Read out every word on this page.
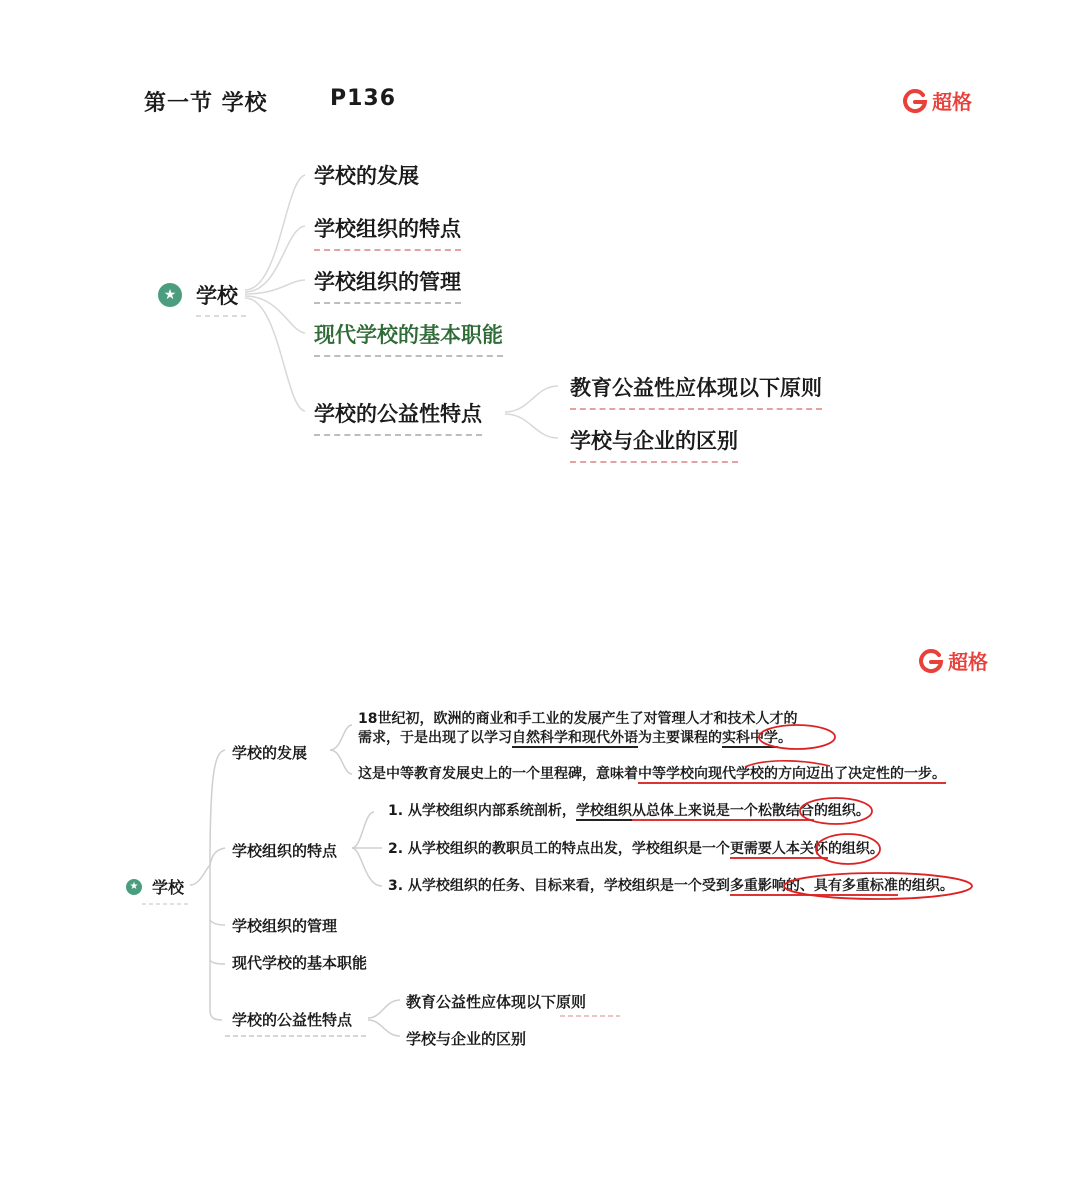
第一节 学校	P136	超格
★ 学校
学校的发展
学校组织的特点
学校组织的管理
现代学校的基本职能
学校的公益性特点
教育公益性应体现以下原则
学校与企业的区别
超格
★ 学校
学校的发展
学校组织的特点
学校组织的管理
现代学校的基本职能
学校的公益性特点
18世纪初，欧洲的商业和手工业的发展产生了对管理人才和技术人才的
需求，于是出现了以学习自然科学和现代外语为主要课程的实科中学。
这是中等教育发展史上的一个里程碑，意味着中等学校向现代学校的方向迈出了决定性的一步。
1. 从学校组织内部系统剖析，学校组织从总体上来说是一个松散结合的组织。
2. 从学校组织的教职员工的特点出发，学校组织是一个更需要人本关怀的组织。
3. 从学校组织的任务、目标来看，学校组织是一个受到多重影响的、具有多重标准的组织。
教育公益性应体现以下原则
学校与企业的区别
